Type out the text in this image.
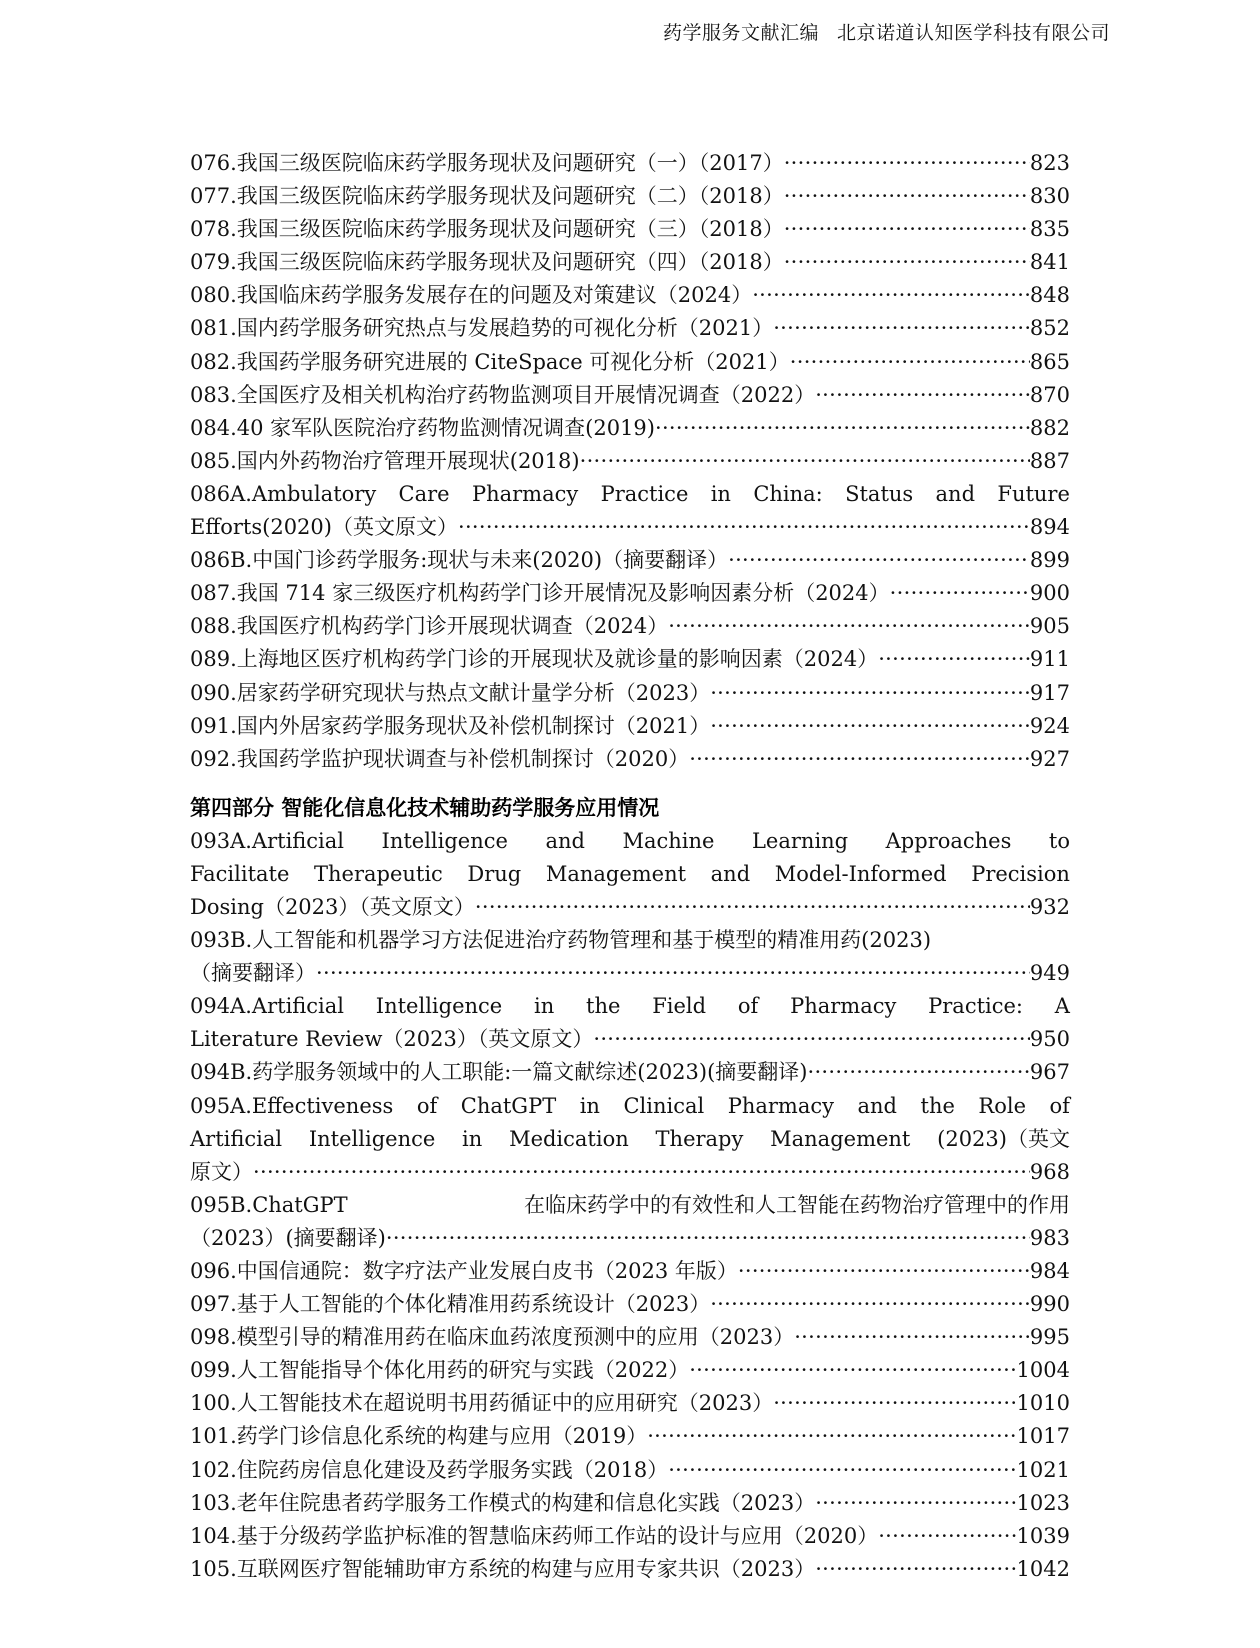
药学服务文献汇编 北京诺道认知医学科技有限公司
076.我国三级医院临床药学服务现状及问题研究（一）（2017） ·····	823
077.我国三级医院临床药学服务现状及问题研究（二）（2018） ·····	830
078.我国三级医院临床药学服务现状及问题研究（三）（2018） ·····	835
079.我国三级医院临床药学服务现状及问题研究（四）（2018） ·····	841
080.我国临床药学服务发展存在的问题及对策建议（2024） ·····	848
081.国内药学服务研究热点与发展趋势的可视化分析（2021） ·····	852
082.我国药学服务研究进展的 CiteSpace 可视化分析（2021） ·····	865
083.全国医疗及相关机构治疗药物监测项目开展情况调查（2022） ·····	870
084.40 家军队医院治疗药物监测情况调查(2019) ·····	882
085.国内外药物治疗管理开展现状(2018) ·····	887
086A.Ambulatory Care Pharmacy Practice in China: Status and Future
Efforts(2020)（英文原文） ·····	894
086B.中国门诊药学服务:现状与未来(2020)（摘要翻译） ·····	899
087.我国 714 家三级医疗机构药学门诊开展情况及影响因素分析（2024） ·····	900
088.我国医疗机构药学门诊开展现状调查（2024） ·····	905
089.上海地区医疗机构药学门诊的开展现状及就诊量的影响因素（2024） ·····	911
090.居家药学研究现状与热点文献计量学分析（2023） ·····	917
091.国内外居家药学服务现状及补偿机制探讨（2021） ·····	924
092.我国药学监护现状调查与补偿机制探讨（2020） ·····	927
第四部分 智能化信息化技术辅助药学服务应用情况
093A.Artificial Intelligence and Machine Learning Approaches to
Facilitate Therapeutic Drug Management and Model-Informed Precision
Dosing（2023）（英文原文） ·····	932
093B.人工智能和机器学习方法促进治疗药物管理和基于模型的精准用药(2023)
（摘要翻译） ·····	949
094A.Artificial Intelligence in the Field of Pharmacy Practice: A
Literature Review（2023）（英文原文） ·····	950
094B.药学服务领域中的人工职能:一篇文献综述(2023)(摘要翻译) ·····	967
095A.Effectiveness of ChatGPT in Clinical Pharmacy and the Role of
Artificial Intelligence in Medication Therapy Management (2023)（英文
原文） ·····	968
095B.ChatGPT	在临床药学中的有效性和人工智能在药物治疗管理中的作用
（2023）(摘要翻译) ·····	983
096.中国信通院：数字疗法产业发展白皮书（2023 年版） ·····	984
097.基于人工智能的个体化精准用药系统设计（2023） ·····	990
098.模型引导的精准用药在临床血药浓度预测中的应用（2023） ·····	995
099.人工智能指导个体化用药的研究与实践（2022） ·····	1004
100.人工智能技术在超说明书用药循证中的应用研究（2023） ·····	1010
101.药学门诊信息化系统的构建与应用（2019） ·····	1017
102.住院药房信息化建设及药学服务实践（2018） ·····	1021
103.老年住院患者药学服务工作模式的构建和信息化实践（2023） ·····	1023
104.基于分级药学监护标准的智慧临床药师工作站的设计与应用（2020） ·····	1039
105.互联网医疗智能辅助审方系统的构建与应用专家共识（2023） ·····	1042
